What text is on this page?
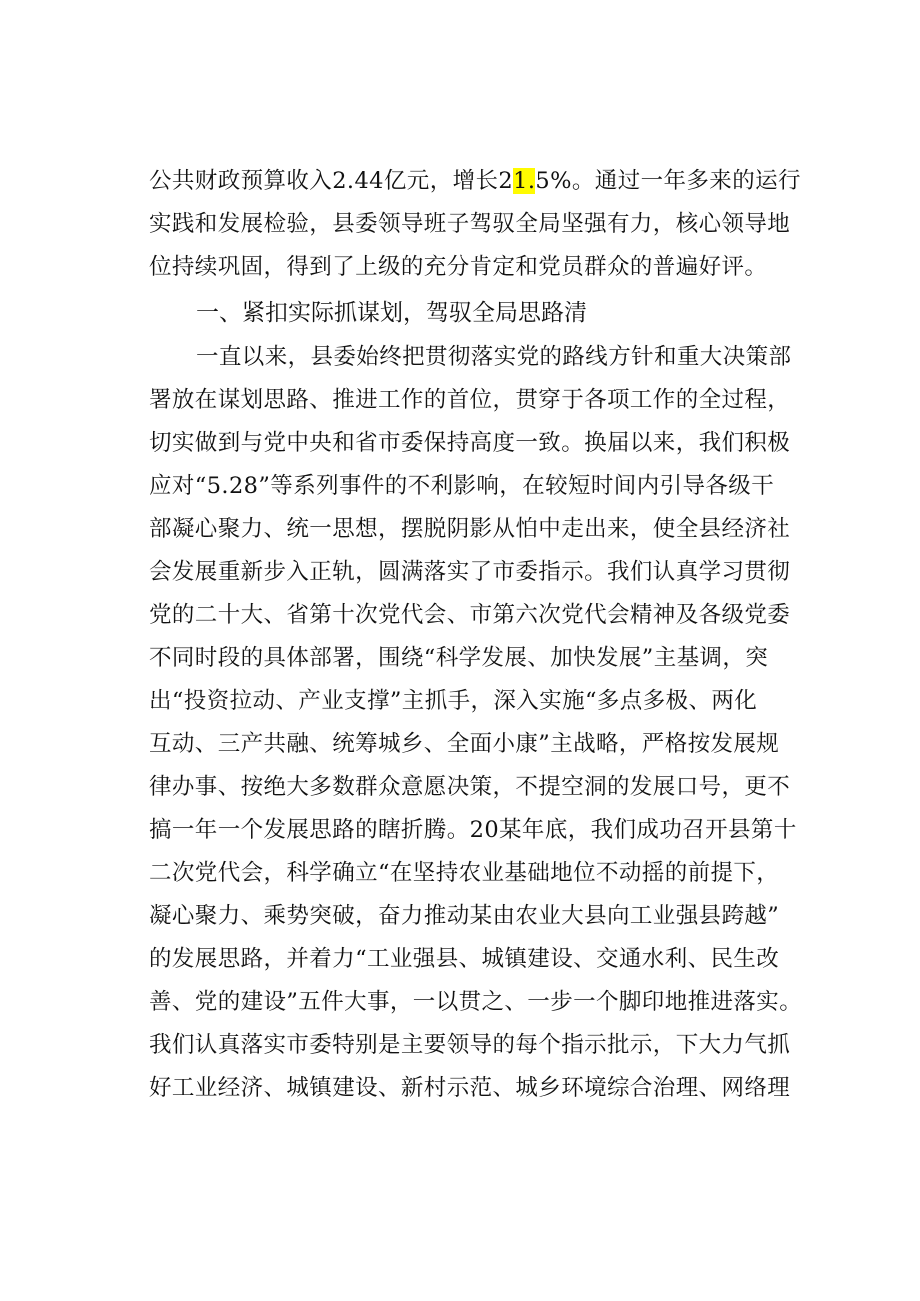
公共财政预算收入2.44亿元，增长21.5%。通过一年多来的运行
实践和发展检验，县委领导班子驾驭全局坚强有力，核心领导地
位持续巩固，得到了上级的充分肯定和党员群众的普遍好评。
一、紧扣实际抓谋划，驾驭全局思路清
一直以来，县委始终把贯彻落实党的路线方针和重大决策部
署放在谋划思路、推进工作的首位，贯穿于各项工作的全过程，
切实做到与党中央和省市委保持高度一致。换届以来，我们积极
应对“5.28”等系列事件的不利影响，在较短时间内引导各级干
部凝心聚力、统一思想，摆脱阴影从怕中走出来，使全县经济社
会发展重新步入正轨，圆满落实了市委指示。我们认真学习贯彻
党的二十大、省第十次党代会、市第六次党代会精神及各级党委
不同时段的具体部署，围绕“科学发展、加快发展”主基调，突
出“投资拉动、产业支撑”主抓手，深入实施“多点多极、两化
互动、三产共融、统筹城乡、全面小康”主战略，严格按发展规
律办事、按绝大多数群众意愿决策，不提空洞的发展口号，更不
搞一年一个发展思路的瞎折腾。20某年底，我们成功召开县第十
二次党代会，科学确立“在坚持农业基础地位不动摇的前提下，
凝心聚力、乘势突破，奋力推动某由农业大县向工业强县跨越”
的发展思路，并着力“工业强县、城镇建设、交通水利、民生改
善、党的建设”五件大事，一以贯之、一步一个脚印地推进落实。
我们认真落实市委特别是主要领导的每个指示批示，下大力气抓
好工业经济、城镇建设、新村示范、城乡环境综合治理、网络理
